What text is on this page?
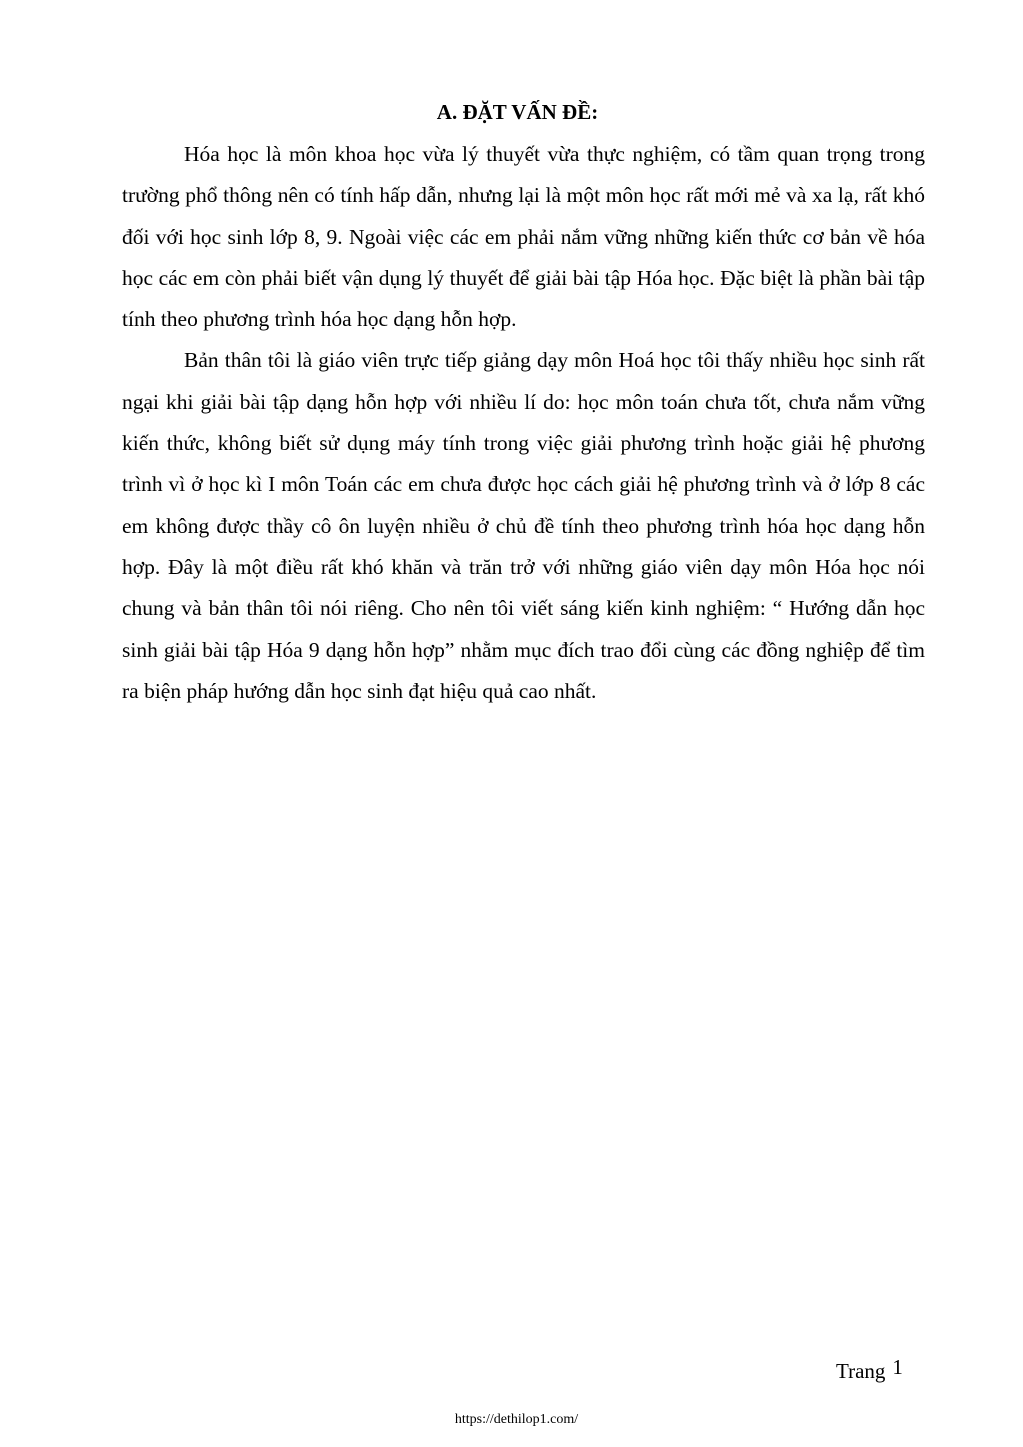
A. ĐẶT VẤN ĐỀ:

Hóa học là môn khoa học vừa lý thuyết vừa thực nghiệm, có tầm quan trọng trong trường phổ thông nên có tính hấp dẫn, nhưng lại là một môn học rất mới mẻ và xa lạ, rất khó đối với học sinh lớp 8, 9. Ngoài việc các em phải nắm vững những kiến thức cơ bản về hóa học các em còn phải biết vận dụng lý thuyết để giải bài tập Hóa học. Đặc biệt là phần bài tập tính theo phương trình hóa học dạng hỗn hợp.

Bản thân tôi là giáo viên trực tiếp giảng dạy môn Hoá học tôi thấy nhiều học sinh rất ngại khi giải bài tập dạng hỗn hợp với nhiều lí do: học môn toán chưa tốt, chưa nắm vững kiến thức, không biết sử dụng máy tính trong việc giải phương trình hoặc giải hệ phương trình vì ở học kì I môn Toán các em chưa được học cách giải hệ phương trình và ở lớp 8 các em không được thầy cô ôn luyện nhiều ở chủ đề tính theo phương trình hóa học dạng hỗn hợp. Đây là một điều rất khó khăn và trăn trở với những giáo viên dạy môn Hóa học nói chung và bản thân tôi nói riêng. Cho nên tôi viết sáng kiến kinh nghiệm: “ Hướng dẫn học sinh giải bài tập Hóa 9 dạng hỗn hợp” nhằm mục đích trao đổi cùng các đồng nghiệp để tìm ra biện pháp hướng dẫn học sinh đạt hiệu quả cao nhất.

Trang 1
https://dethilop1.com/
